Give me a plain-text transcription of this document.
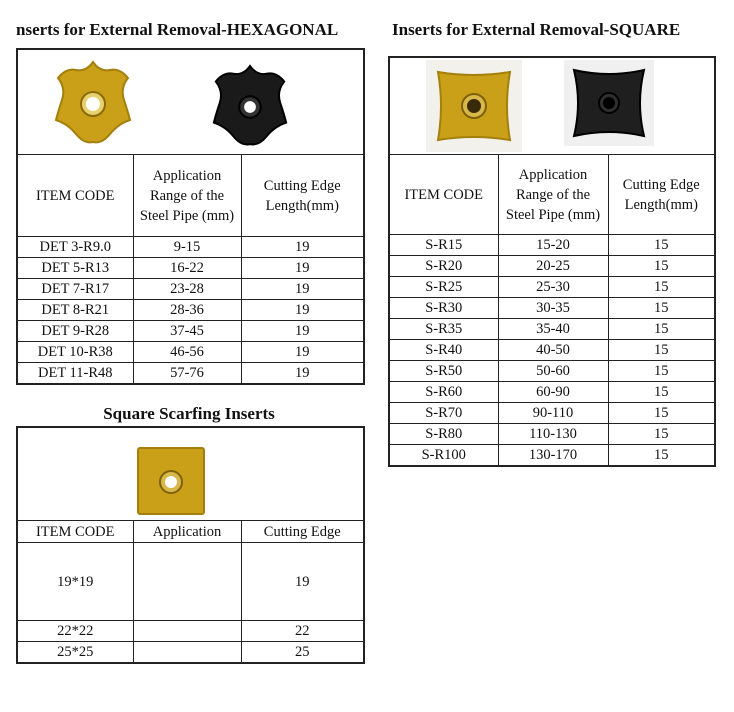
nserts for External Removal-HEXAGONAL

ITEM CODE	Application Range of the Steel Pipe (mm)	Cutting Edge Length(mm)
DET 3-R9.0	9-15	19
DET 5-R13	16-22	19
DET 7-R17	23-28	19
DET 8-R21	28-36	19
DET 9-R28	37-45	19
DET 10-R38	46-56	19
DET 11-R48	57-76	19
Inserts for External Removal-SQUARE

ITEM CODE	Application Range of the Steel Pipe (mm)	Cutting Edge Length(mm)
S-R15	15-20	15
S-R20	20-25	15
S-R25	25-30	15
S-R30	30-35	15
S-R35	35-40	15
S-R40	40-50	15
S-R50	50-60	15
S-R60	60-90	15
S-R70	90-110	15
S-R80	110-130	15
S-R100	130-170	15
Square Scarfing Inserts

ITEM CODE	Application	Cutting Edge
19*19		19
22*22		22
25*25		25
